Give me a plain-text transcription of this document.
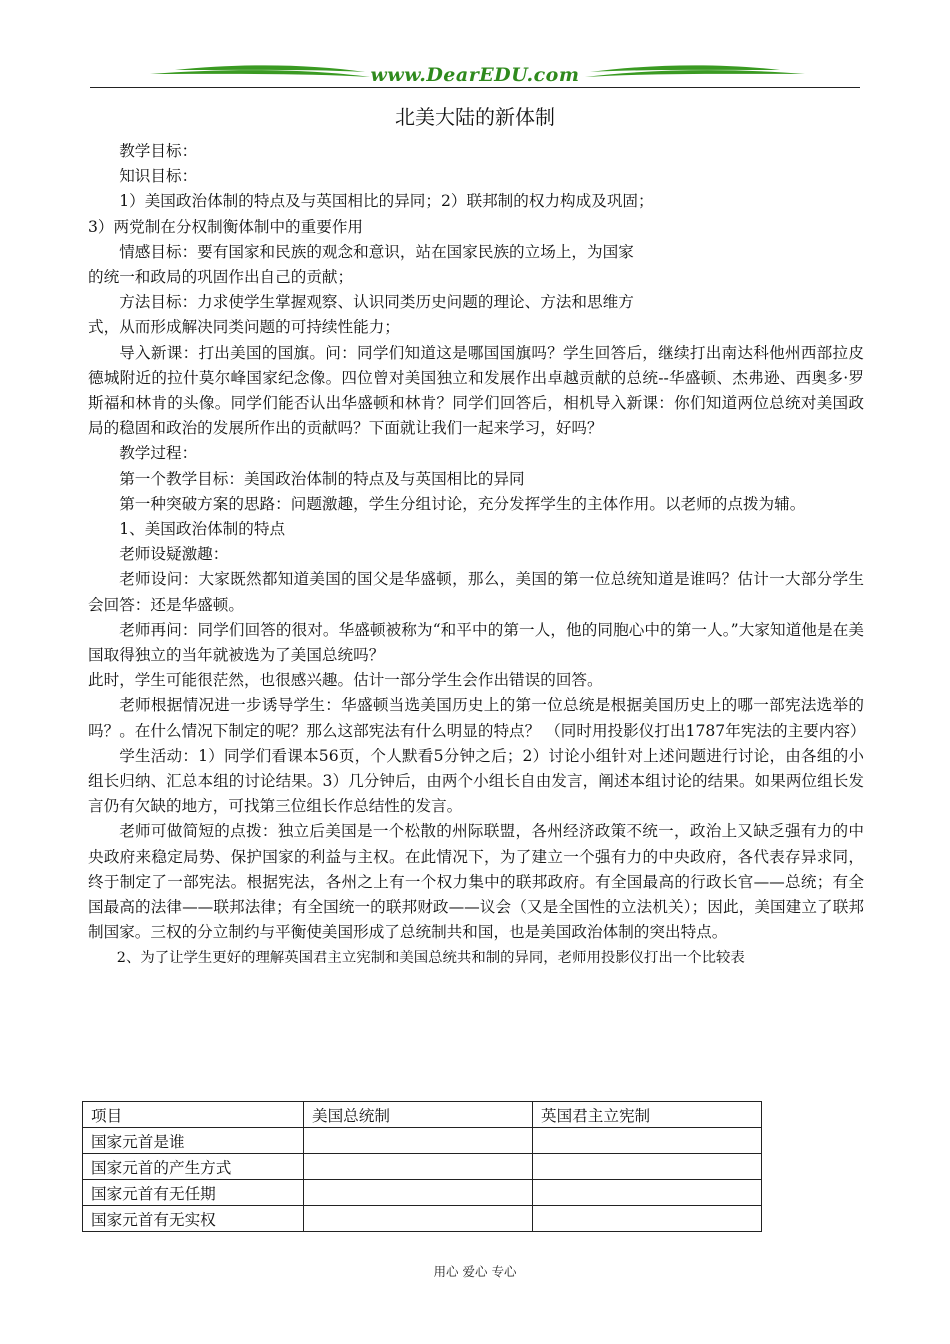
www.DearEDU.com
北美大陆的新体制

教学目标：

知识目标：

1）美国政治体制的特点及与英国相比的异同；2）联邦制的权力构成及巩固；

3）两党制在分权制衡体制中的重要作用

情感目标：要有国家和民族的观念和意识，站在国家民族的立场上，为国家

的统一和政局的巩固作出自己的贡献；

方法目标：力求使学生掌握观察、认识同类历史问题的理论、方法和思维方

式，从而形成解决同类问题的可持续性能力；

导入新课：打出美国的国旗。问：同学们知道这是哪国国旗吗？学生回答后，继续打出南达科他州西部拉皮德城附近的拉什莫尔峰国家纪念像。四位曾对美国独立和发展作出卓越贡献的总统--华盛顿、杰弗逊、西奥多·罗斯福和林肯的头像。同学们能否认出华盛顿和林肯？同学们回答后，相机导入新课：你们知道两位总统对美国政局的稳固和政治的发展所作出的贡献吗？下面就让我们一起来学习，好吗？

教学过程：

第一个教学目标：美国政治体制的特点及与英国相比的异同

第一种突破方案的思路：问题激趣，学生分组讨论，充分发挥学生的主体作用。以老师的点拨为辅。

1、美国政治体制的特点

老师设疑激趣：

老师设问：大家既然都知道美国的国父是华盛顿，那么，美国的第一位总统知道是谁吗？估计一大部分学生会回答：还是华盛顿。

老师再问：同学们回答的很对。华盛顿被称为“和平中的第一人，他的同胞心中的第一人。”大家知道他是在美国取得独立的当年就被选为了美国总统吗？

此时，学生可能很茫然，也很感兴趣。估计一部分学生会作出错误的回答。

老师根据情况进一步诱导学生：华盛顿当选美国历史上的第一位总统是根据美国历史上的哪一部宪法选举的吗？。在什么情况下制定的呢？那么这部宪法有什么明显的特点？ （同时用投影仪打出1787年宪法的主要内容）

学生活动：1）同学们看课本56页，个人默看5分钟之后；2）讨论小组针对上述问题进行讨论，由各组的小组长归纳、汇总本组的讨论结果。3）几分钟后，由两个小组长自由发言，阐述本组讨论的结果。如果两位组长发言仍有欠缺的地方，可找第三位组长作总结性的发言。

老师可做简短的点拨：独立后美国是一个松散的州际联盟，各州经济政策不统一，政治上又缺乏强有力的中央政府来稳定局势、保护国家的利益与主权。在此情况下，为了建立一个强有力的中央政府，各代表存异求同，终于制定了一部宪法。根据宪法，各州之上有一个权力集中的联邦政府。有全国最高的行政长官——总统；有全国最高的法律——联邦法律；有全国统一的联邦财政——议会（又是全国性的立法机关）；因此，美国建立了联邦制国家。三权的分立制约与平衡使美国形成了总统制共和国，也是美国政治体制的突出特点。

2、为了让学生更好的理解英国君主立宪制和美国总统共和制的异同，老师用投影仪打出一个比较表

项目	美国总统制	英国君主立宪制
国家元首是谁		
国家元首的产生方式		
国家元首有无任期		
国家元首有无实权		
用心 爱心 专心
